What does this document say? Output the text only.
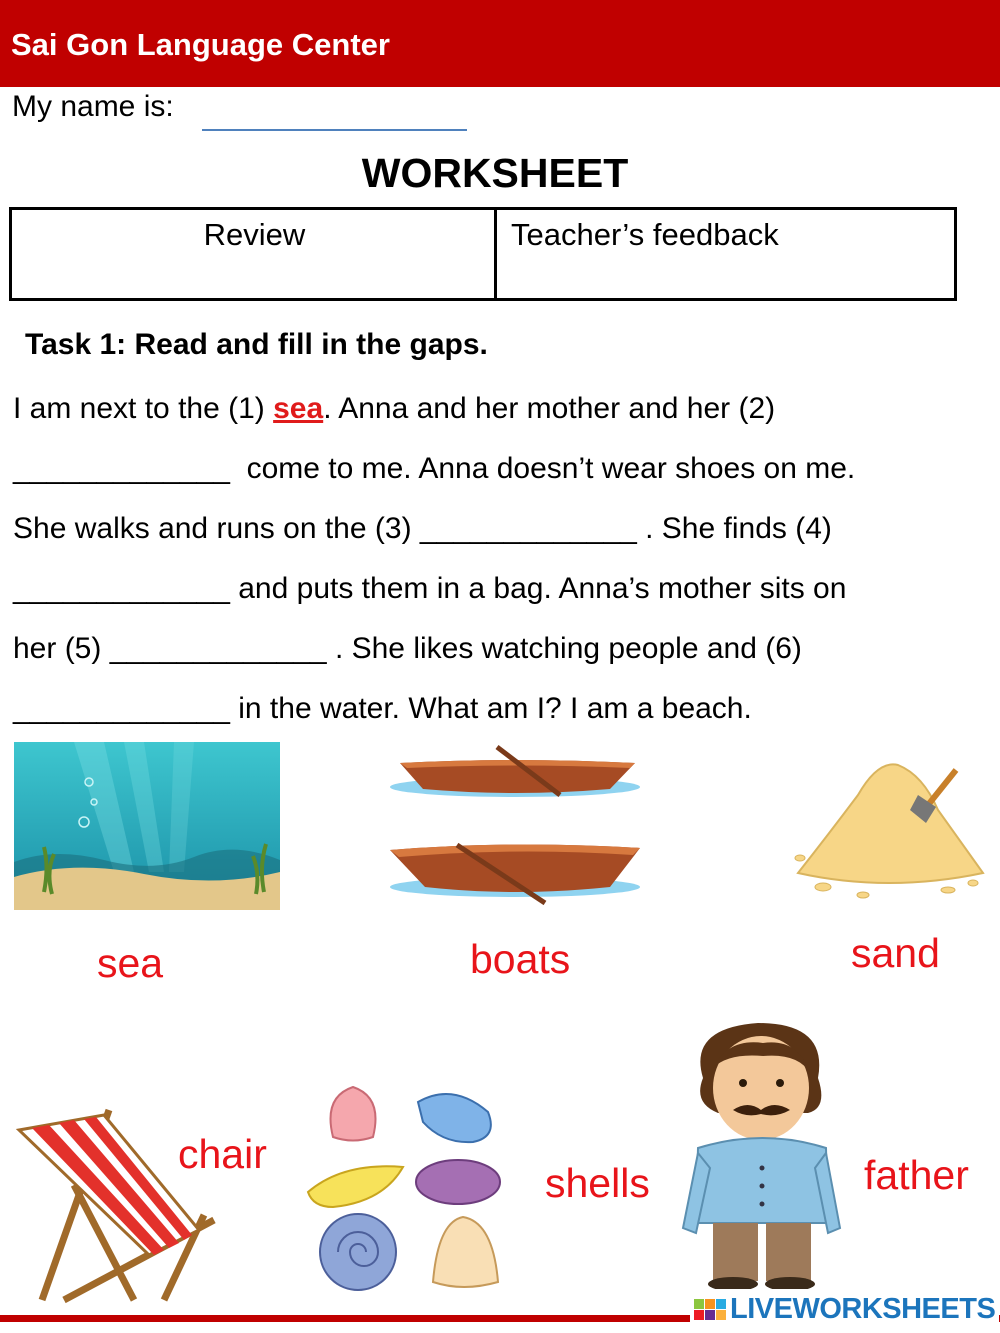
Sai Gon Language Center
My name is:
WORKSHEET
Review	Teacher’s feedback
Task 1: Read and fill in the gaps.
I am next to the (1) sea. Anna and her mother and her (2)
_____________  come to me. Anna doesn’t wear shoes on me.
She walks and runs on the (3) _____________ . She finds (4)
_____________ and puts them in a bag. Anna’s mother sits on
her (5) _____________ . She likes watching people and (6)
_____________ in the water. What am I? I am a beach.
sea	boats	sand
chair
shells	father
LIVEWORKSHEETS
